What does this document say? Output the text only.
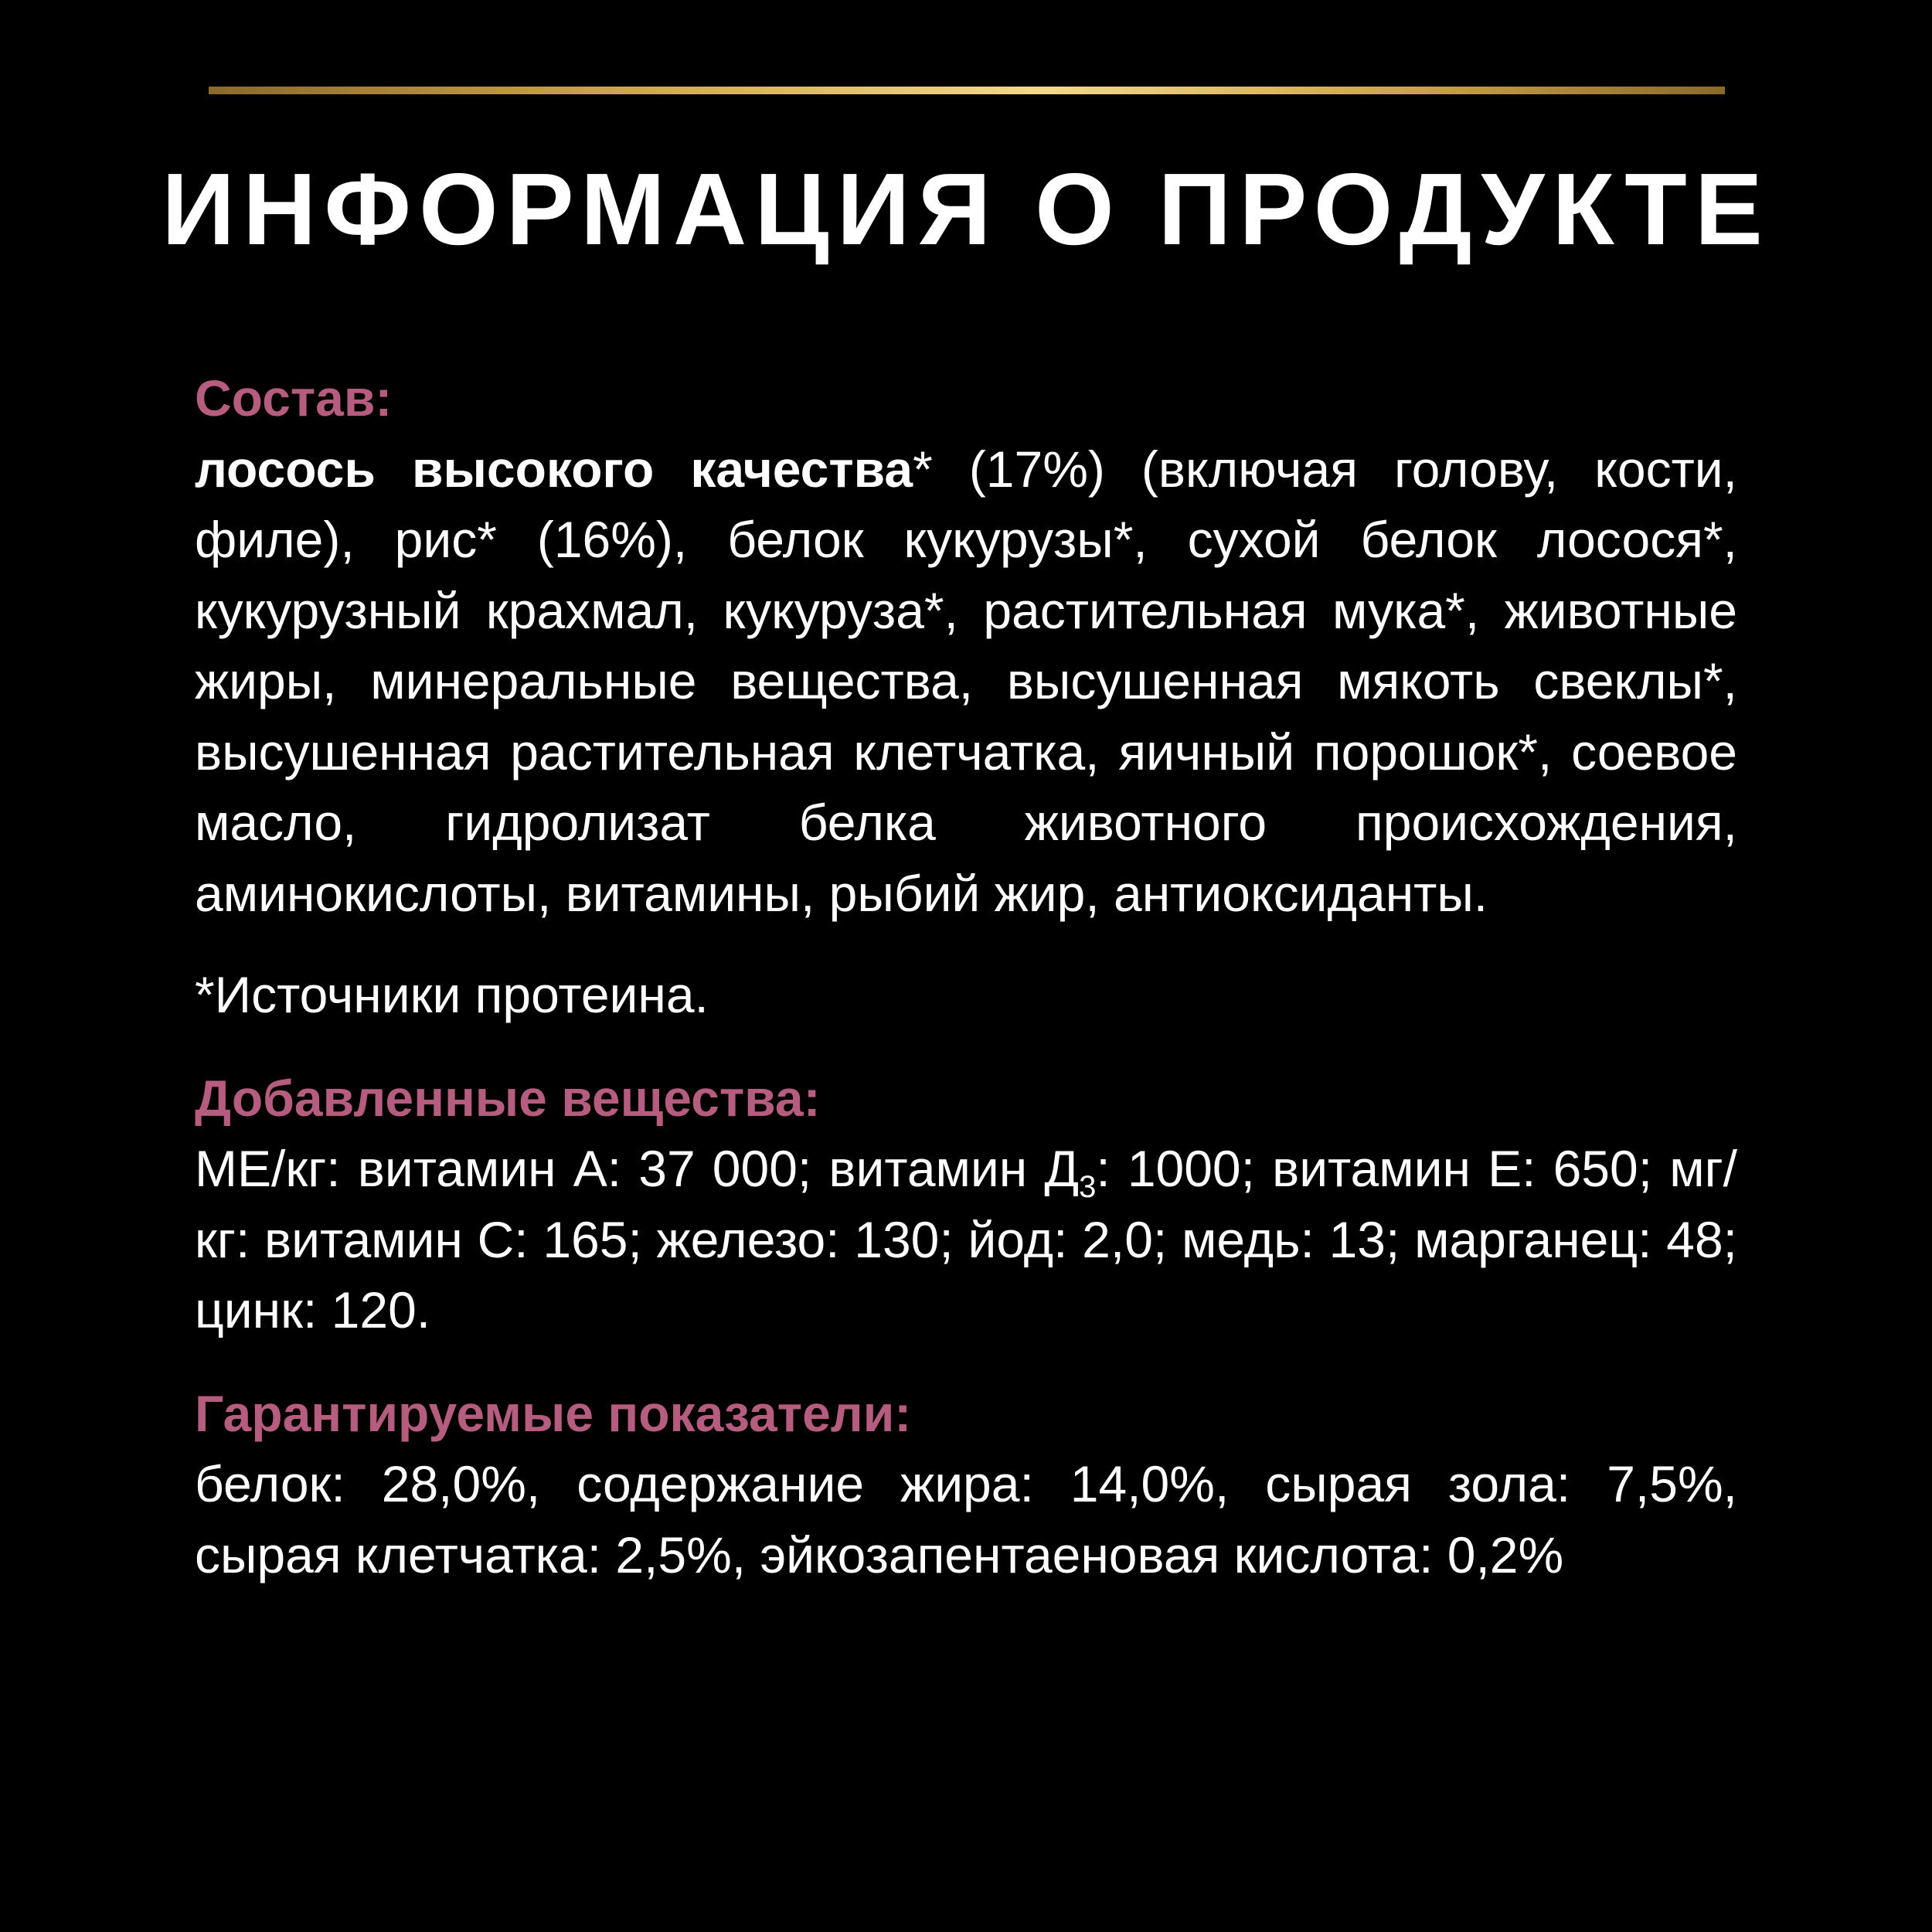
ИНФОРМАЦИЯ О ПРОДУКТЕ

Состав:

лосось высокого качества* (17%) (включая голову, кости, филе), рис* (16%), белок кукурузы*, сухой белок лосося*, кукурузный крахмал, кукуруза*, растительная мука*, животные жиры, минеральные вещества, высушенная мякоть свеклы*, высушенная растительная клетчатка, яичный порошок*, соевое масло, гидролизат белка животного происхождения, аминокислоты, витамины, рыбий жир, антиоксиданты.

*Источники протеина.

Добавленные вещества:

МЕ/кг: витамин А: 37 000; витамин $Д_3$: 1000; витамин Е: 650; мг/кг: витамин С: 165; железо: 130; йод: 2,0; медь: 13; марганец: 48; цинк: 120.

Гарантируемые показатели:

белок: 28,0%, содержание жира: 14,0%, сырая зола: 7,5%, сырая клетчатка: 2,5%, эйкозапентаеновая кислота: 0,2%
